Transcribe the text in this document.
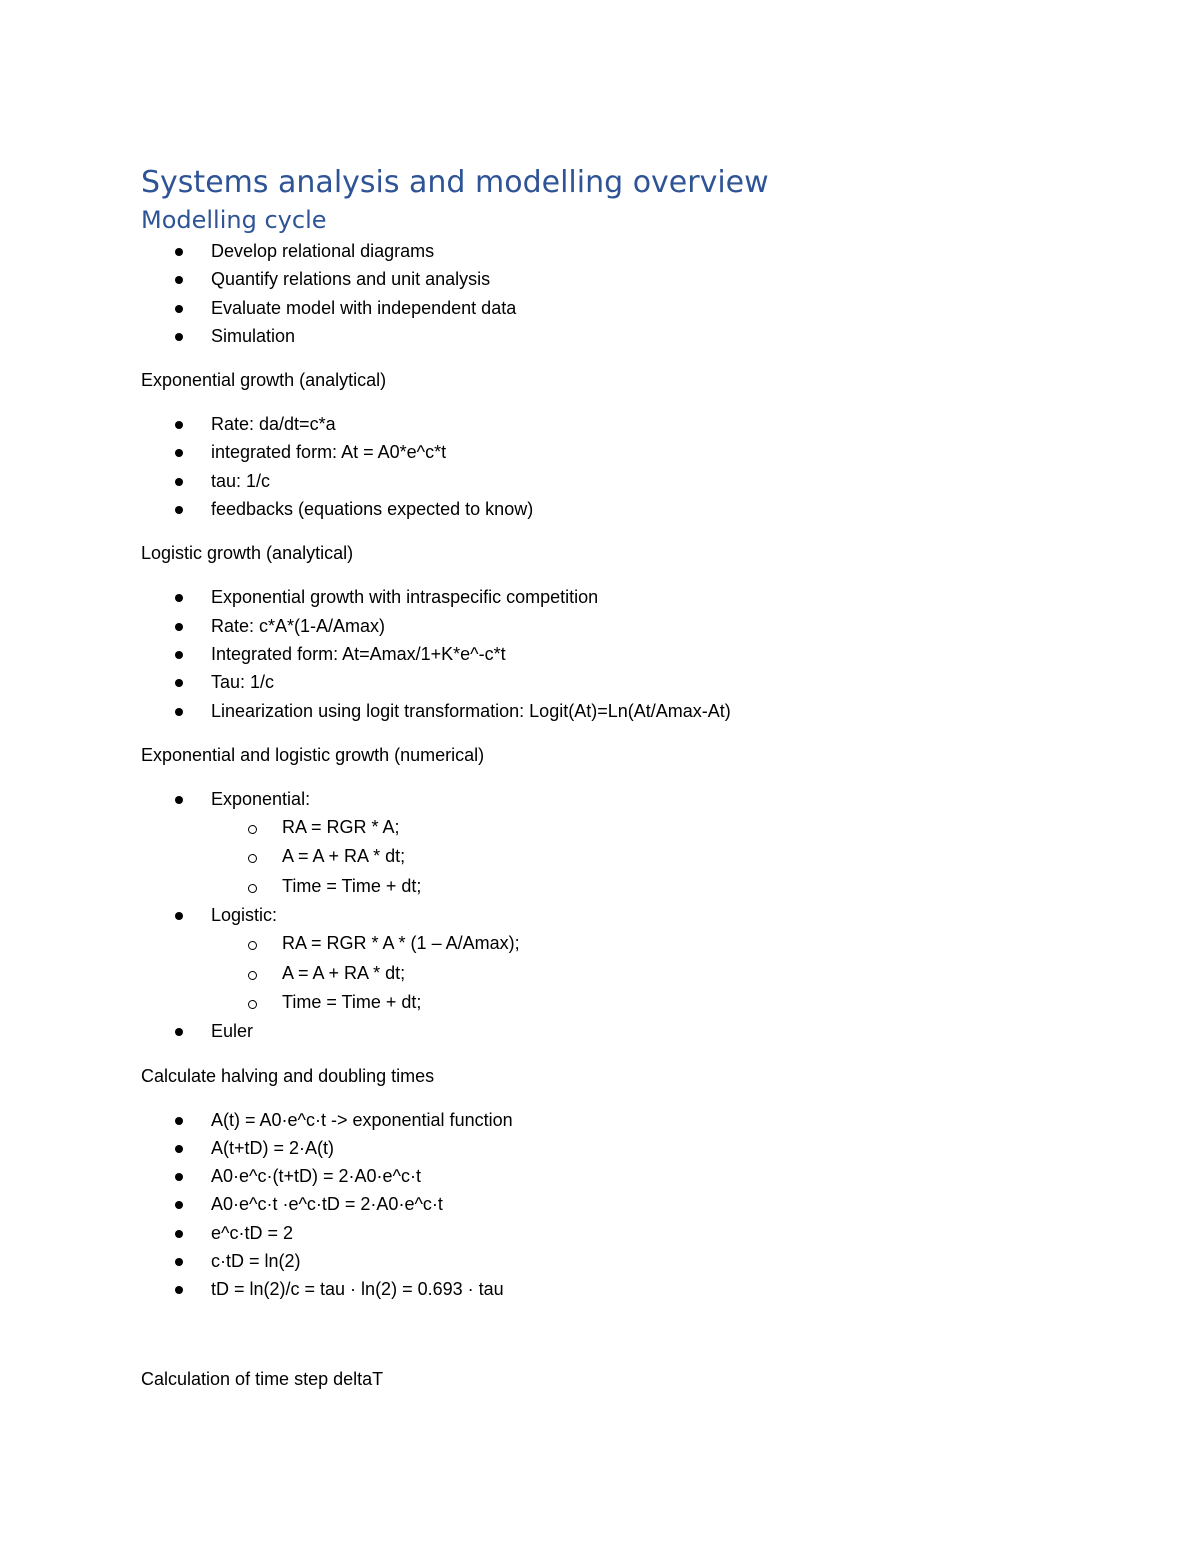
Systems analysis and modelling overview
Modelling cycle
Develop relational diagrams
Quantify relations and unit analysis
Evaluate model with independent data
Simulation

Exponential growth (analytical)

Rate: da/dt=c*a
integrated form: At = A0*e^c*t
tau: 1/c
feedbacks (equations expected to know)

Logistic growth (analytical)

Exponential growth with intraspecific competition
Rate: c*A*(1-A/Amax)
Integrated form: At=Amax/1+K*e^-c*t
Tau: 1/c
Linearization using logit transformation: Logit(At)=Ln(At/Amax-At)

Exponential and logistic growth (numerical)

Exponential:
RA = RGR * A;
A = A + RA * dt;
Time = Time + dt;
Logistic:
RA = RGR * A * (1 – A/Amax);
A = A + RA * dt;
Time = Time + dt;
Euler

Calculate halving and doubling times

A(t) = A0·e^c·t -> exponential function
A(t+tD) = 2·A(t)
A0·e^c·(t+tD) = 2·A0·e^c·t
A0·e^c·t ·e^c·tD = 2·A0·e^c·t
e^c·tD = 2
c·tD = ln(2)
tD = ln(2)/c = tau · ln(2) = 0.693 · tau

Calculation of time step deltaT
